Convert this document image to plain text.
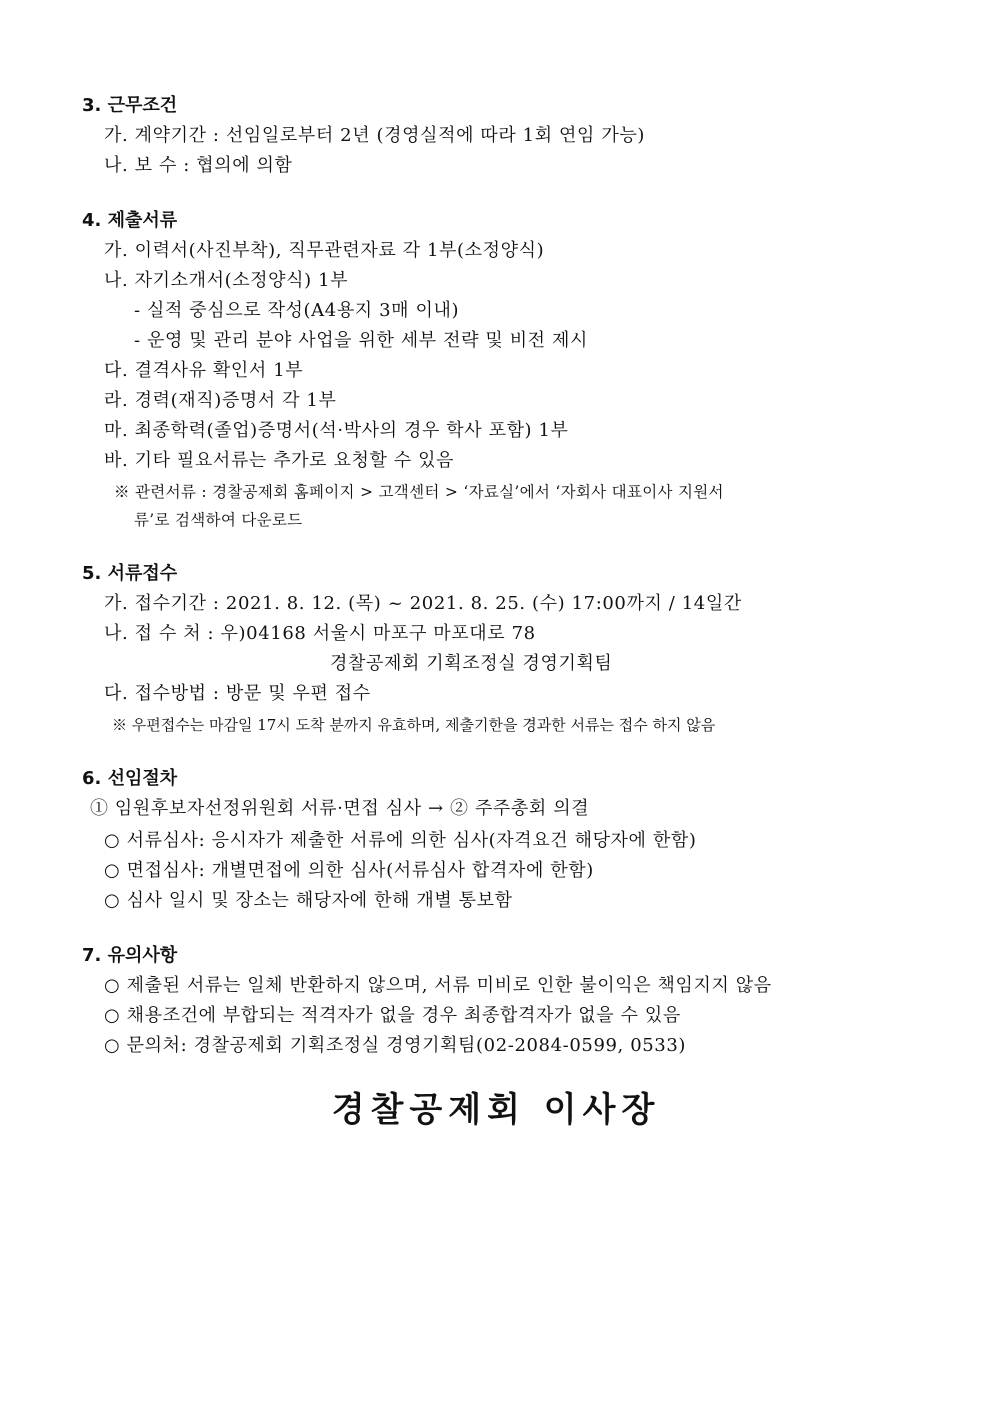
3. 근무조건
가. 계약기간 : 선임일로부터 2년 (경영실적에 따라 1회 연임 가능)
나. 보 수 : 협의에 의함
4. 제출서류
가. 이력서(사진부착), 직무관련자료 각 1부(소정양식)
나. 자기소개서(소정양식) 1부
- 실적 중심으로 작성(A4용지 3매 이내)
- 운영 및 관리 분야 사업을 위한 세부 전략 및 비전 제시
다. 결격사유 확인서 1부
라. 경력(재직)증명서 각 1부
마. 최종학력(졸업)증명서(석·박사의 경우 학사 포함) 1부
바. 기타 필요서류는 추가로 요청할 수 있음
※ 관련서류 : 경찰공제회 홈페이지 > 고객센터 > ‘자료실’에서 ‘자회사 대표이사 지원서
류’로 검색하여 다운로드
5. 서류접수
가. 접수기간 : 2021. 8. 12. (목) ~ 2021. 8. 25. (수) 17:00까지 / 14일간
나. 접 수 처 : 우)04168 서울시 마포구 마포대로 78
경찰공제회 기획조정실 경영기획팀
다. 접수방법 : 방문 및 우편 접수
※ 우편접수는 마감일 17시 도착 분까지 유효하며, 제출기한을 경과한 서류는 접수 하지 않음
6. 선임절차
① 임원후보자선정위원회 서류·면접 심사 → ② 주주총회 의결
○ 서류심사: 응시자가 제출한 서류에 의한 심사(자격요건 해당자에 한함)
○ 면접심사: 개별면접에 의한 심사(서류심사 합격자에 한함)
○ 심사 일시 및 장소는 해당자에 한해 개별 통보함
7. 유의사항
○ 제출된 서류는 일체 반환하지 않으며, 서류 미비로 인한 불이익은 책임지지 않음
○ 채용조건에 부합되는 적격자가 없을 경우 최종합격자가 없을 수 있음
○ 문의처: 경찰공제회 기획조정실 경영기획팀(02-2084-0599, 0533)
경찰공제회 이사장
